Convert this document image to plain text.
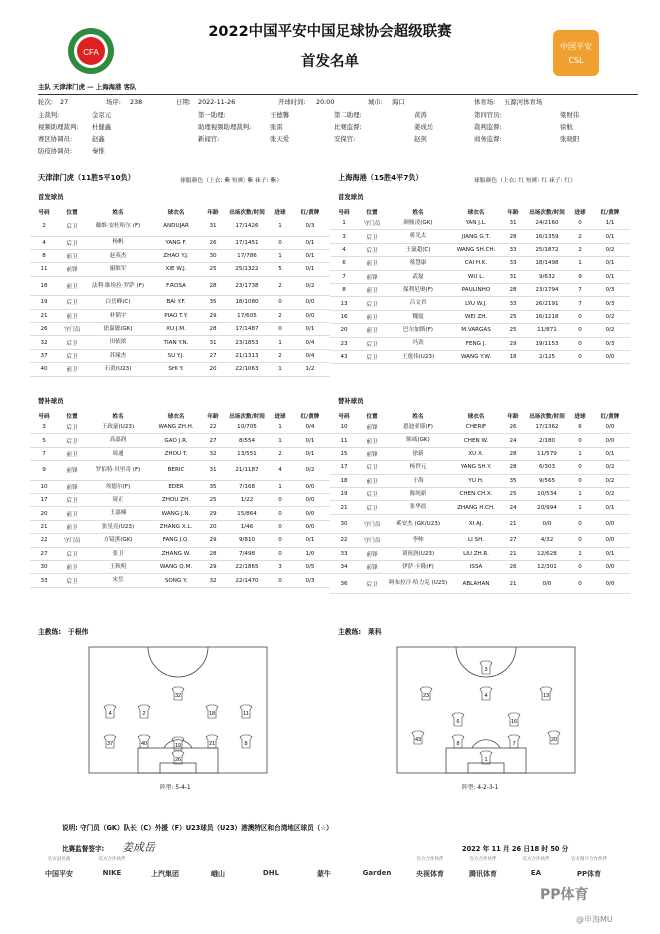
2022中国平安中国足球协会超级联赛
首发名单
CFA
中国平安 CSL
主队 天津津门虎 — 上海海港 客队
轮次: 27	场序: 238	日期: 2022-11-26	开球时间: 20:00	城市: 海口	体育场: 五源河体育场
主裁判:	金京元	第一助理:	王德馨	第二助理:	黄涛	第四官员:	梁财伟
视频助理裁判: 杜健鑫	助理视频助理裁判:	张雷	比赛监督:	姜成岳	裁判监督:	徐航
赛区协调员:	赵鑫	新闻官:	张天爱	安保官:	赵剑	商务监督:	张晓阳
防疫协调员:	秦惟
天津津门虎（11胜5平10负）	球服颜色（上衣: 紫 短裤: 紫 袜子: 紫）	上海海港（15胜4平7负）	球服颜色（上衣: 红 短裤: 红 袜子: 红）
首发球员	首发球员
号码	位置	姓名	球衣名	年龄	出场次数/时间	进球	红/黄牌
2	后卫	戴维·安杜哈尔 (F)	ANDUJAR	31	17/1426	1	0/3
4	后卫	杨帆	YANG F.	26	17/1451	0	0/1
8	前卫	赵英杰	ZHAO Y.J.	30	17/786	1	0/1
11	前锋	谢维军	XIE W.J.	25	25/1322	5	0/1
18	前卫	法利·维埃拉·罗萨 (F)	F.ROSA	28	23/1738	2	0/2
19	后卫	白岳峰(C)	BAI Y.F.	35	18/1080	0	0/0
21	前卫	朴韬宇	PIAO T.Y.	29	17/605	2	0/0
26	守门员	徐嘉敏(GK)	XU J.M.	28	17/1487	0	0/1
32	后卫	田依浓	TIAN Y.N.	31	23/1853	1	0/4
37	后卫	苏缘杰	SU Y.J.	27	21/1313	2	0/4
40	前卫	石炎(U23)	SHI Y.	20	22/1063	1	1/2
号码	位置	姓名	球衣名	年龄	出场次数/时间	进球	红/黄牌
1	守门员	颜骏凌(GK)	YAN J.L.	31	24/2160	0	1/1
3	后卫	蒋光太	JIANG G.T.	28	16/1359	2	0/1
4	后卫	王燊超(C)	WANG SH.CH.	33	25/1872	2	0/2
6	前卫	蔡慧康	CAI H.K.	33	18/1498	1	0/1
7	前锋	武磊	WU L.	31	9/632	9	0/1
8	前卫	保利尼奥(F)	PAULINHO	28	23/1794	7	0/3
13	后卫	吕文君	LYU W.J.	33	26/2191	7	0/3
16	前卫	魏震	WEI ZH.	25	16/1218	0	0/2
20	前卫	巴尔加斯(F)	M.VARGAS	25	11/871	0	0/2
23	后卫	冯劲	FENG J.	29	19/1153	0	0/3
43	后卫	王逸伟(U23)	WANG Y.W.	18	2/125	0	0/0
替补球员	替补球员
号码	位置	姓名	球衣名	年龄	出场次数/时间	进球	红/黄牌
3	后卫	王政豪(U23)	WANG ZH.H.	22	10/705	1	0/4
5	后卫	高嘉润	GAO J.R.	27	8/554	1	0/1
7	前卫	周通	ZHOU T.	32	13/551	2	0/1
9	前锋	罗伯特·贝里奇 (F)	BERIC	31	21/1187	4	0/2
10	前锋	埃德尔(F)	EDER	35	7/168	1	0/0
17	后卫	周正	ZHOU ZH.	25	1/22	0	0/0
20	前卫	王嘉楠	WANG J.N.	29	15/864	0	0/0
21	前卫	张星亮(U23)	ZHANG X.L.	20	1/46	0	0/0
22	守门员	方镜淇(GK)	FANG J.Q.	29	9/810	0	0/1
27	后卫	张卫	ZHANG W.	28	7/498	0	1/0
30	前卫	王秋明	WANG Q.M.	29	22/1865	3	0/5
33	后卫	宋岳	SONG Y.	32	22/1470	0	0/3
号码	位置	姓名	球衣名	年龄	出场次数/时间	进球	红/黄牌
10	前锋	恩迪亚耶(F)	CHERIF	26	17/1362	6	0/0
11	前卫	陈威(GK)	CHEN W.	24	2/180	0	0/0
15	前锋	徐新	XU X.	28	11/579	1	0/1
17	后卫	杨世元	YANG SH.Y.	28	6/303	0	0/2
18	前卫	于海	YU H.	35	9/565	0	0/2
19	后卫	陈纯新	CHEN CH.X.	25	10/534	1	0/2
21	后卫	张华晨	ZHANG H.CH.	24	20/994	1	0/1
30	守门员	奚安杰 (GK/U23)	XI AJ.	21	0/0	0	0/0
22	守门员	李帅	LI SH.	27	4/32	0	0/0
33	前锋	刘祝润(U23)	LIU ZH.R.	21	12/628	1	0/1
34	前锋	伊萨·卡隆(F)	ISSA	26	12/301	0	0/0
36	后卫	阿布拉汗·哈力克 (U23)	ABLAHAN	21	0/0	0	0/0
主教练:　于根伟	主教练:　莱科
26
37	40	21	8
19
4	2	18	11
32
1
43
8	7
20
6	16
23	4	13
3
阵型: 5-4-1	阵型: 4-2-3-1
说明: 守门员（GK）队长（C）外援（F）U23球员（U23）港澳特区和台湾地区球员（☆）
比赛监督签字: 姜成岳	2022 年 11 月 26 日18 时 50 分
官方冠名商
中国平安
官方合作伙伴
NIKE	上汽集团	峨山	DHL	蒙牛	Garden
官方合作伙伴
央视体育
官方合作伙伴
腾讯体育
官方合作伙伴
EA
官方图片合作伙伴
PP体育
PP体育
@申海MU
